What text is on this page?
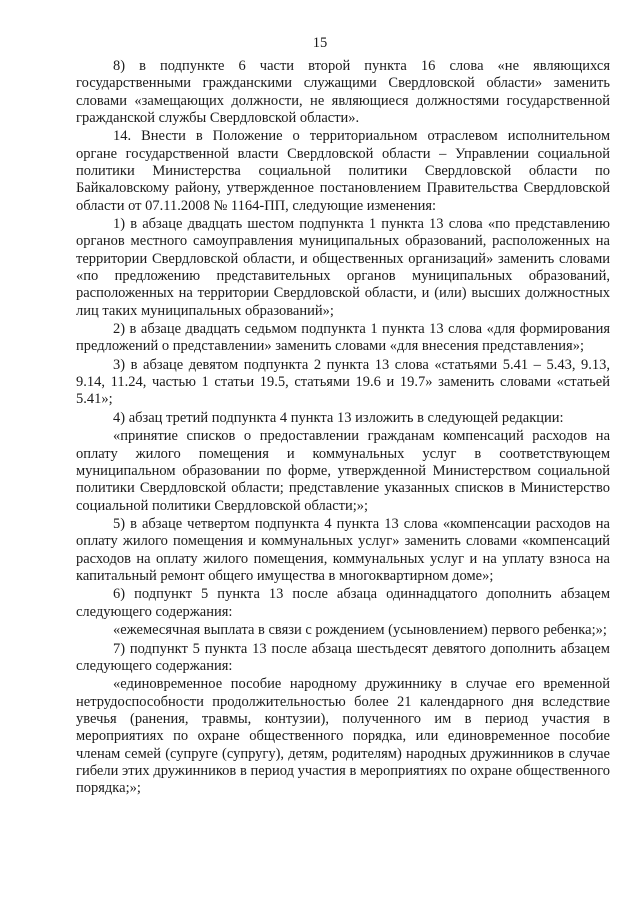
15

8) в подпункте 6 части второй пункта 16 слова «не являющихся государственными гражданскими служащими Свердловской области» заменить словами «замещающих должности, не являющиеся должностями государственной гражданской службы Свердловской области».

14. Внести в Положение о территориальном отраслевом исполнительном органе государственной власти Свердловской области – Управлении социальной политики Министерства социальной политики Свердловской области по Байкаловскому району, утвержденное постановлением Правительства Свердловской области от 07.11.2008 № 1164-ПП, следующие изменения:

1) в абзаце двадцать шестом подпункта 1 пункта 13 слова «по представлению органов местного самоуправления муниципальных образований, расположенных на территории Свердловской области, и общественных организаций» заменить словами «по предложению представительных органов муниципальных образований, расположенных на территории Свердловской области, и (или) высших должностных лиц таких муниципальных образований»;

2) в абзаце двадцать седьмом подпункта 1 пункта 13 слова «для формирования предложений о представлении» заменить словами «для внесения представления»;

3) в абзаце девятом подпункта 2 пункта 13 слова «статьями 5.41 – 5.43, 9.13, 9.14, 11.24, частью 1 статьи 19.5, статьями 19.6 и 19.7» заменить словами «статьей 5.41»;

4) абзац третий подпункта 4 пункта 13 изложить в следующей редакции:

«принятие списков о предоставлении гражданам компенсаций расходов на оплату жилого помещения и коммунальных услуг в соответствующем муниципальном образовании по форме, утвержденной Министерством социальной политики Свердловской области; представление указанных списков в Министерство социальной политики Свердловской области;»;

5) в абзаце четвертом подпункта 4 пункта 13 слова «компенсации расходов на оплату жилого помещения и коммунальных услуг» заменить словами «компенсаций расходов на оплату жилого помещения, коммунальных услуг и на уплату взноса на капитальный ремонт общего имущества в многоквартирном доме»;

6) подпункт 5 пункта 13 после абзаца одиннадцатого дополнить абзацем следующего содержания:

«ежемесячная выплата в связи с рождением (усыновлением) первого ребенка;»;

7) подпункт 5 пункта 13 после абзаца шестьдесят девятого дополнить абзацем следующего содержания:

«единовременное пособие народному дружиннику в случае его временной нетрудоспособности продолжительностью более 21 календарного дня вследствие увечья (ранения, травмы, контузии), полученного им в период участия в мероприятиях по охране общественного порядка, или единовременное пособие членам семей (супруге (супругу), детям, родителям) народных дружинников в случае гибели этих дружинников в период участия в мероприятиях по охране общественного порядка;»;
